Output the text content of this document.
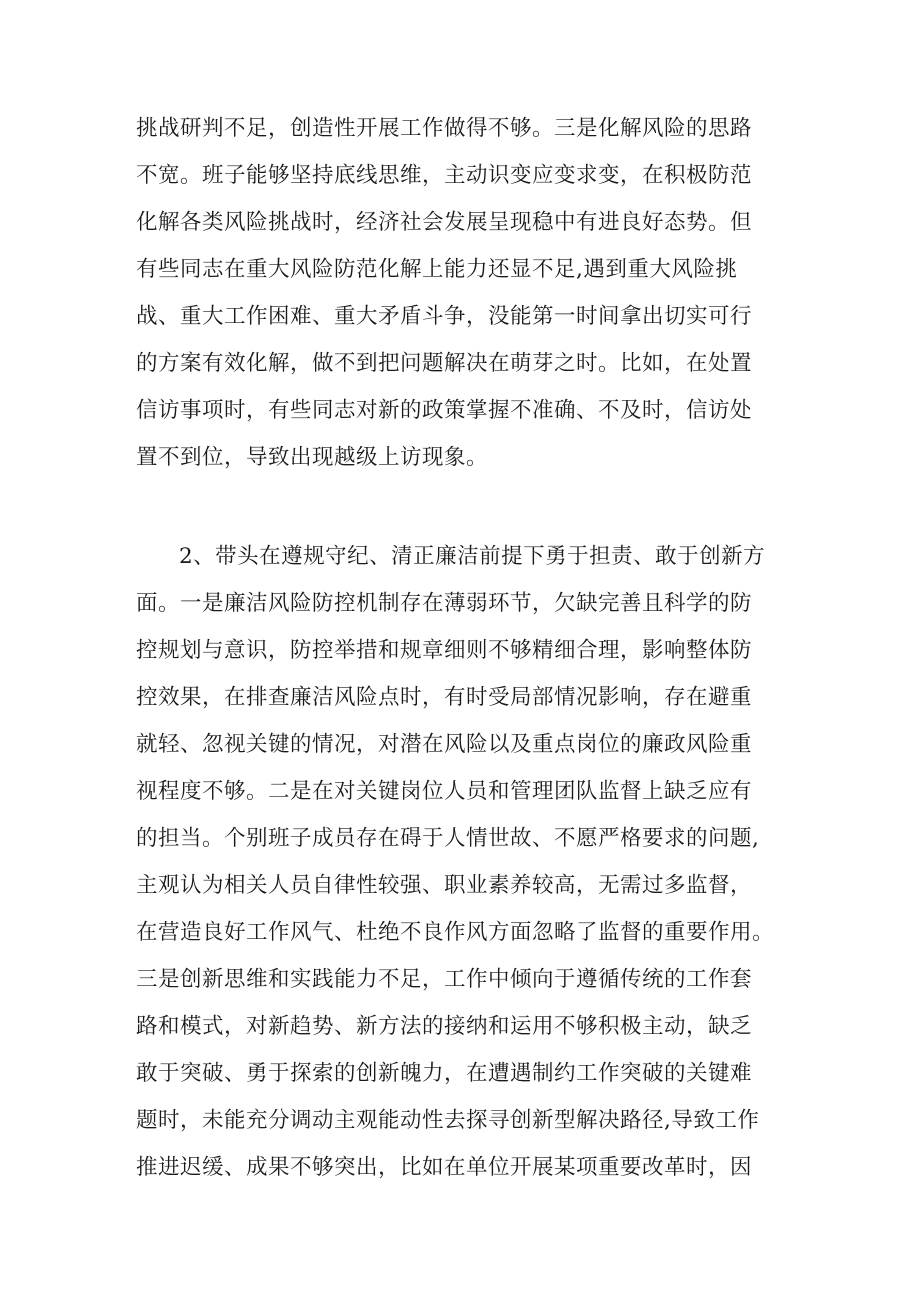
挑战研判不足，创造性开展工作做得不够。三是化解风险的思路
不宽。班子能够坚持底线思维，主动识变应变求变，在积极防范
化解各类风险挑战时，经济社会发展呈现稳中有进良好态势。但
有些同志在重大风险防范化解上能力还显不足,遇到重大风险挑
战、重大工作困难、重大矛盾斗争，没能第一时间拿出切实可行
的方案有效化解，做不到把问题解决在萌芽之时。比如，在处置
信访事项时，有些同志对新的政策掌握不准确、不及时，信访处
置不到位，导致出现越级上访现象。
2、带头在遵规守纪、清正廉洁前提下勇于担责、敢于创新方
面。一是廉洁风险防控机制存在薄弱环节，欠缺完善且科学的防
控规划与意识，防控举措和规章细则不够精细合理，影响整体防
控效果，在排查廉洁风险点时，有时受局部情况影响，存在避重
就轻、忽视关键的情况，对潜在风险以及重点岗位的廉政风险重
视程度不够。二是在对关键岗位人员和管理团队监督上缺乏应有
的担当。个别班子成员存在碍于人情世故、不愿严格要求的问题,
主观认为相关人员自律性较强、职业素养较高，无需过多监督，
在营造良好工作风气、杜绝不良作风方面忽略了监督的重要作用。
三是创新思维和实践能力不足，工作中倾向于遵循传统的工作套
路和模式，对新趋势、新方法的接纳和运用不够积极主动，缺乏
敢于突破、勇于探索的创新魄力，在遭遇制约工作突破的关键难
题时，未能充分调动主观能动性去探寻创新型解决路径,导致工作
推进迟缓、成果不够突出，比如在单位开展某项重要改革时，因
